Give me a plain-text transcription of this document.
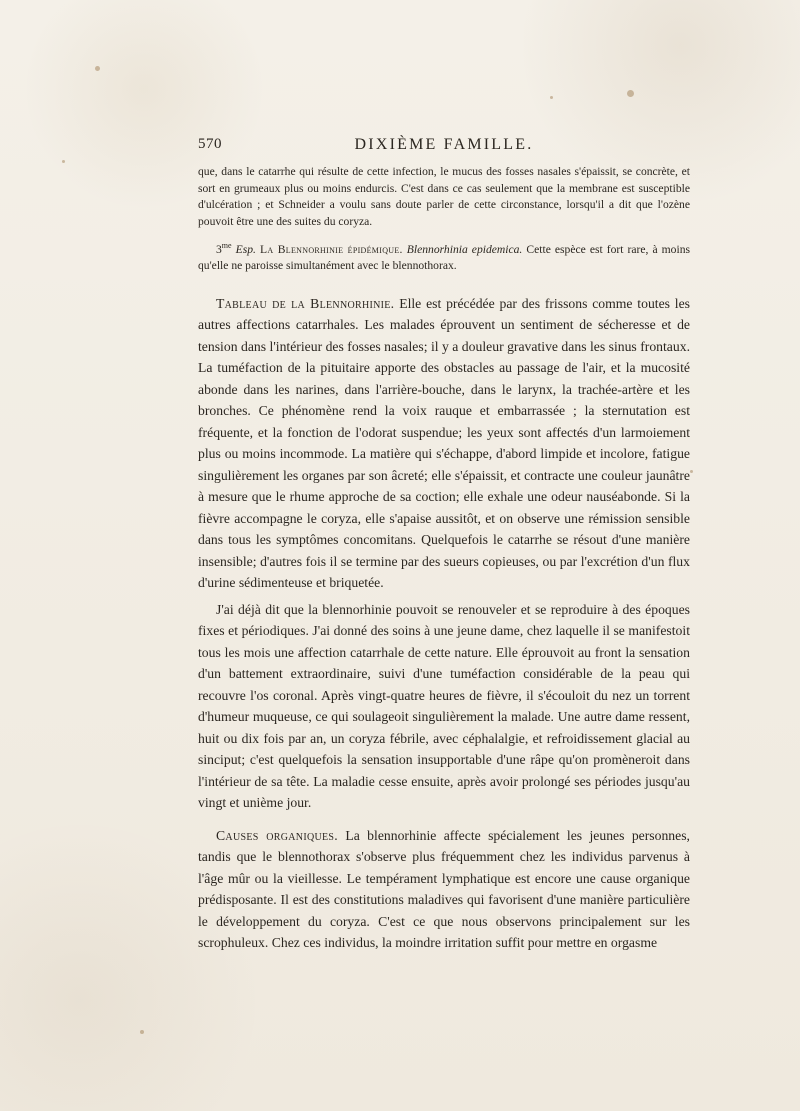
570	DIXIÈME FAMILLE.

que, dans le catarrhe qui résulte de cette infection, le mucus des fosses nasales s'épaissit, se concrète, et sort en grumeaux plus ou moins endurcis. C'est dans ce cas seulement que la membrane est susceptible d'ulcération ; et Schneider a voulu sans doute parler de cette circonstance, lorsqu'il a dit que l'ozène pouvoit être une des suites du coryza.

$3^{me}$ Esp. La Blennorhinie épidémique. Blennorhinia epidemica. Cette espèce est fort rare, à moins qu'elle ne paroisse simultanément avec le blennothorax.

Tableau de la Blennorhinie. Elle est précédée par des frissons comme toutes les autres affections catarrhales. Les malades éprouvent un sentiment de sécheresse et de tension dans l'intérieur des fosses nasales; il y a douleur gravative dans les sinus frontaux. La tuméfaction de la pituitaire apporte des obstacles au passage de l'air, et la mucosité abonde dans les narines, dans l'arrière-bouche, dans le larynx, la trachée-artère et les bronches. Ce phénomène rend la voix rauque et embarrassée ; la sternutation est fréquente, et la fonction de l'odorat suspendue; les yeux sont affectés d'un larmoiement plus ou moins incommode. La matière qui s'échappe, d'abord limpide et incolore, fatigue singulièrement les organes par son âcreté; elle s'épaissit, et contracte une couleur jaunâtre à mesure que le rhume approche de sa coction; elle exhale une odeur nauséabonde. Si la fièvre accompagne le coryza, elle s'apaise aussitôt, et on observe une rémission sensible dans tous les symptômes concomitans. Quelquefois le catarrhe se résout d'une manière insensible; d'autres fois il se termine par des sueurs copieuses, ou par l'excrétion d'un flux d'urine sédimenteuse et briquetée.

J'ai déjà dit que la blennorhinie pouvoit se renouveler et se reproduire à des époques fixes et périodiques. J'ai donné des soins à une jeune dame, chez laquelle il se manifestoit tous les mois une affection catarrhale de cette nature. Elle éprouvoit au front la sensation d'un battement extraordinaire, suivi d'une tuméfaction considérable de la peau qui recouvre l'os coronal. Après vingt-quatre heures de fièvre, il s'écouloit du nez un torrent d'humeur muqueuse, ce qui soulageoit singulièrement la malade. Une autre dame ressent, huit ou dix fois par an, un coryza fébrile, avec céphalalgie, et refroidissement glacial au sinciput; c'est quelquefois la sensation insupportable d'une râpe qu'on promèneroit dans l'intérieur de sa tête. La maladie cesse ensuite, après avoir prolongé ses périodes jusqu'au vingt et unième jour.

Causes organiques. La blennorhinie affecte spécialement les jeunes personnes, tandis que le blennothorax s'observe plus fréquemment chez les individus parvenus à l'âge mûr ou la vieillesse. Le tempérament lymphatique est encore une cause organique prédisposante. Il est des constitutions maladives qui favorisent d'une manière particulière le développement du coryza. C'est ce que nous observons principalement sur les scrophuleux. Chez ces individus, la moindre irritation suffit pour mettre en orgasme
